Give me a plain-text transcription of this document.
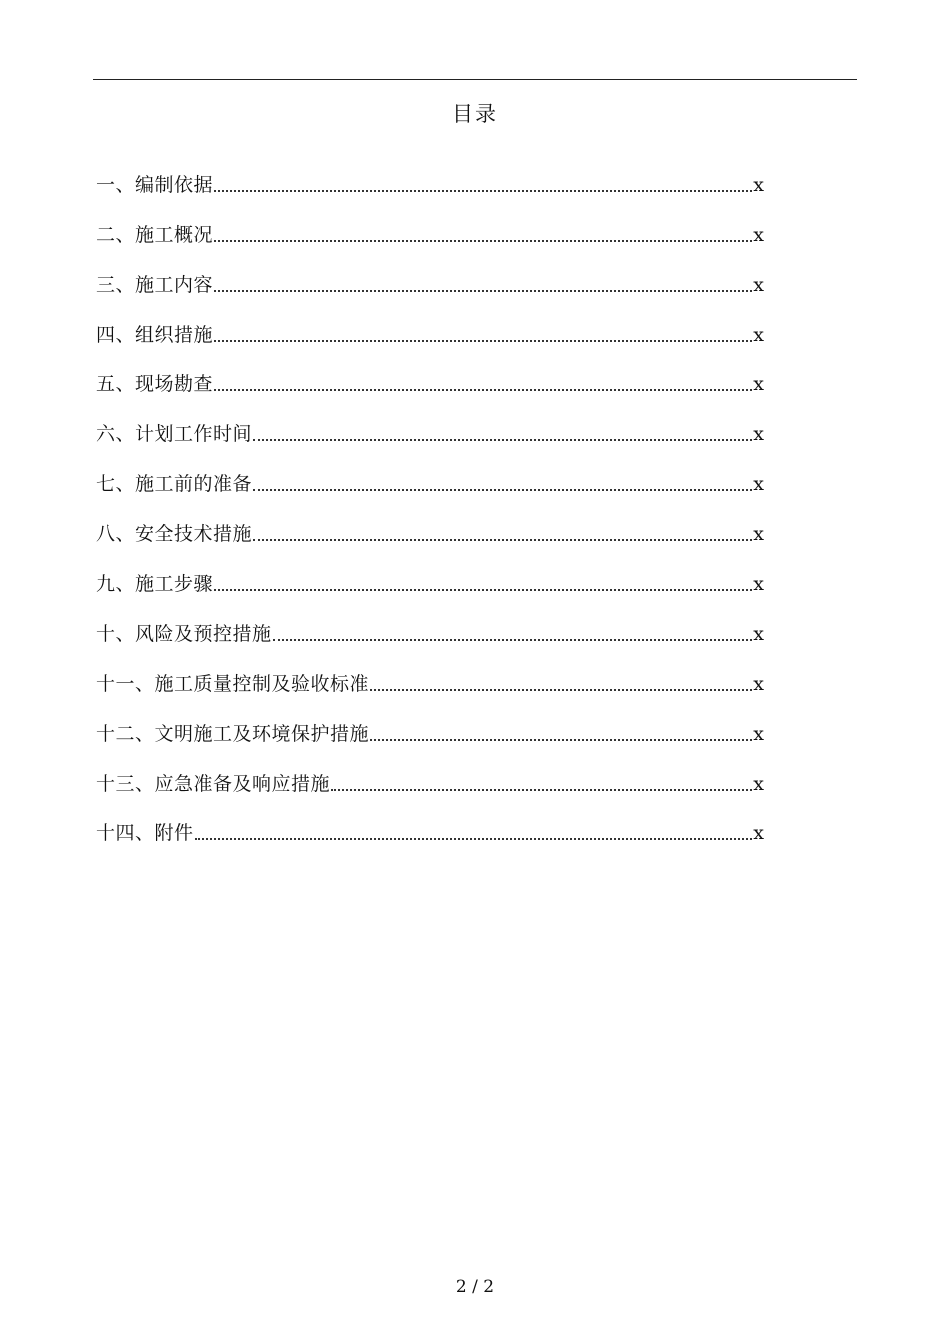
目录
一、编制依据	x
二、施工概况	x
三、施工内容	x
四、组织措施	x
五、现场勘查	x
六、计划工作时间	x
七、施工前的准备	x
八、安全技术措施	x
九、施工步骤	x
十、风险及预控措施	x
十一、施工质量控制及验收标准	x
十二、文明施工及环境保护措施	x
十三、应急准备及响应措施	x
十四、附件	x
2 / 2
